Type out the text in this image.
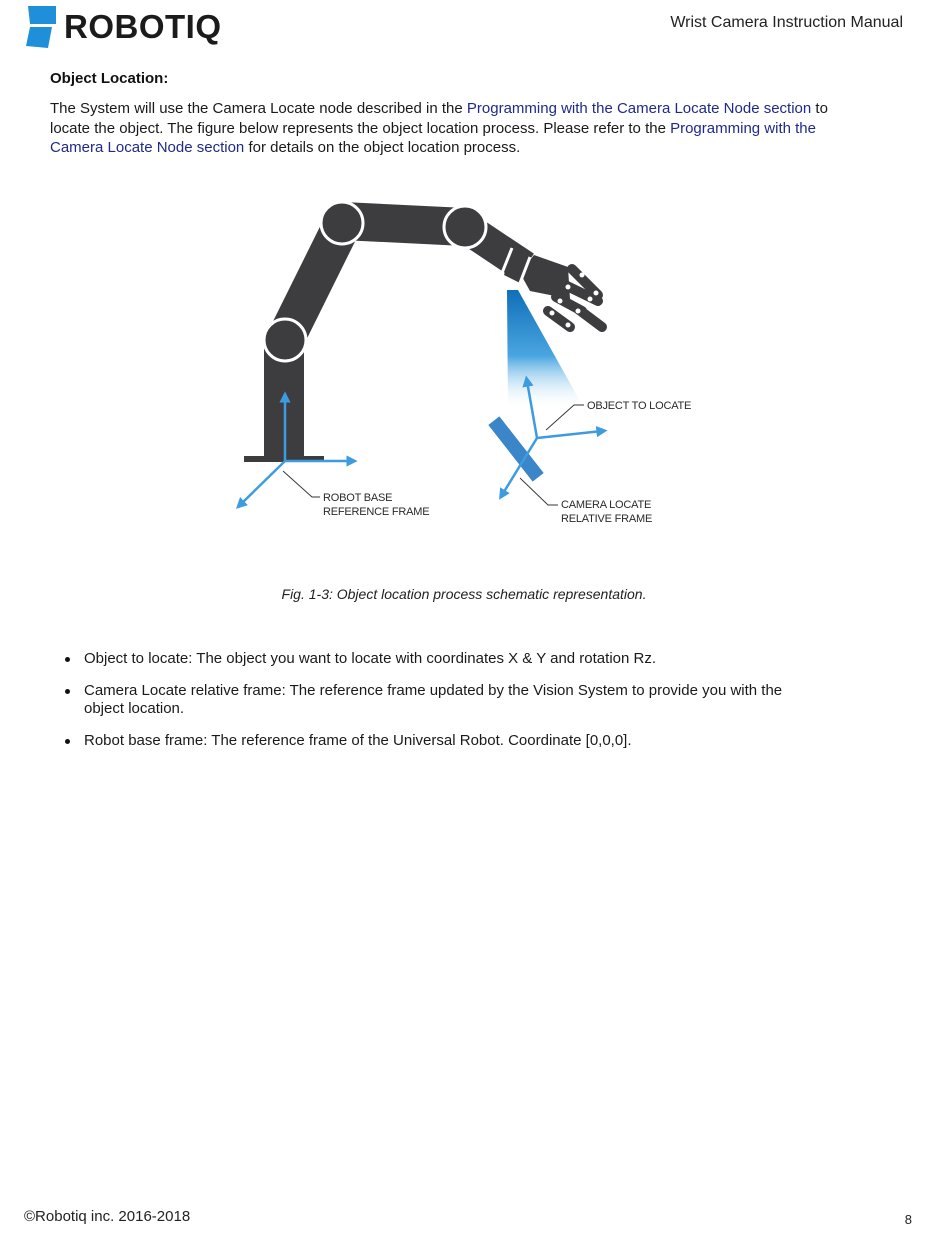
ROBOTIQ	Wrist Camera Instruction Manual
Object Location:
The System will use the Camera Locate node described in the Programming with the Camera Locate Node section to locate the object. The figure below represents the object location process. Please refer to the Programming with the Camera Locate Node section for details on the object location process.
OBJECT TO LOCATE
CAMERA LOCATE
RELATIVE FRAME
ROBOT BASE
REFERENCE FRAME
Fig. 1-3: Object location process schematic representation.
Object to locate: The object you want to locate with coordinates X & Y and rotation Rz.
Camera Locate relative frame: The reference frame updated by the Vision System to provide you with the object location.
Robot base frame: The reference frame of the Universal Robot. Coordinate [0,0,0].
©Robotiq inc. 2016-2018	8
